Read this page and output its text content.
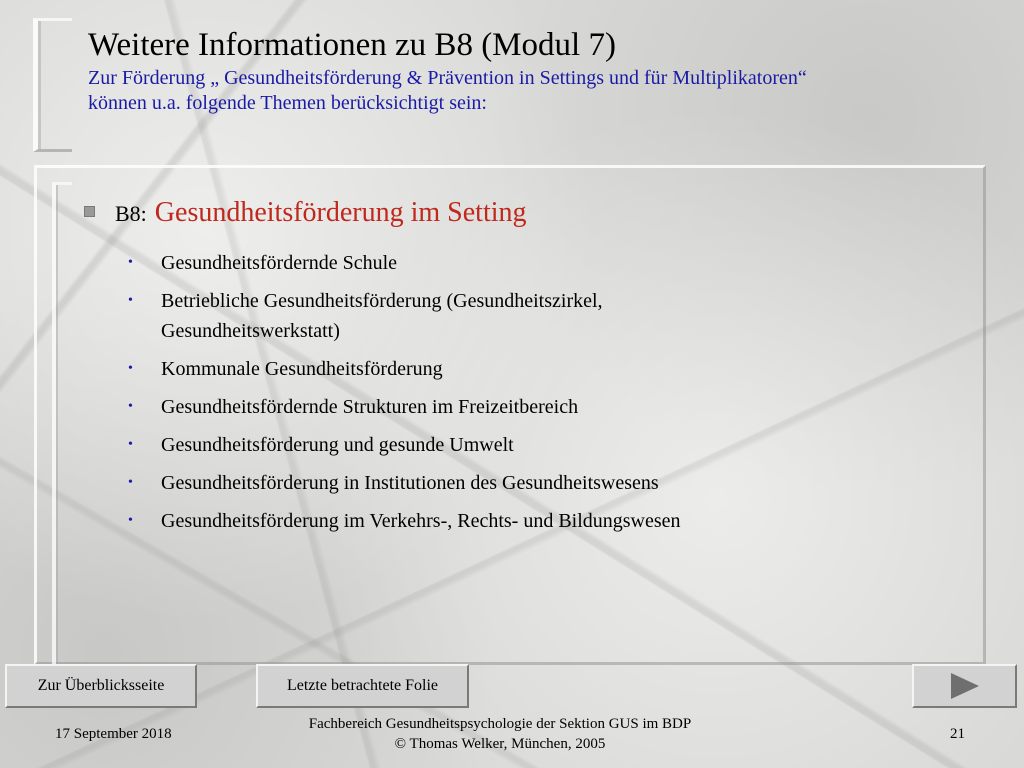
Weitere Informationen zu B8 (Modul 7)
Zur Förderung „ Gesundheitsförderung & Prävention in Settings und für Multiplikatoren“
können u.a. folgende Themen berücksichtigt sein:
B8: Gesundheitsförderung im Setting
•	Gesundheitsfördernde Schule
•	Betriebliche Gesundheitsförderung (Gesundheitszirkel, Gesundheitswerkstatt)
•	Kommunale Gesundheitsförderung
•	Gesundheitsfördernde Strukturen im Freizeitbereich
•	Gesundheitsförderung und gesunde Umwelt
•	Gesundheitsförderung in Institutionen des Gesundheitswesens
•	Gesundheitsförderung im Verkehrs-, Rechts- und Bildungswesen
Zur Überblicksseite	Letzte betrachtete Folie
17 September 2018
Fachbereich Gesundheitspsychologie der Sektion GUS im BDP
© Thomas Welker, München, 2005
21
